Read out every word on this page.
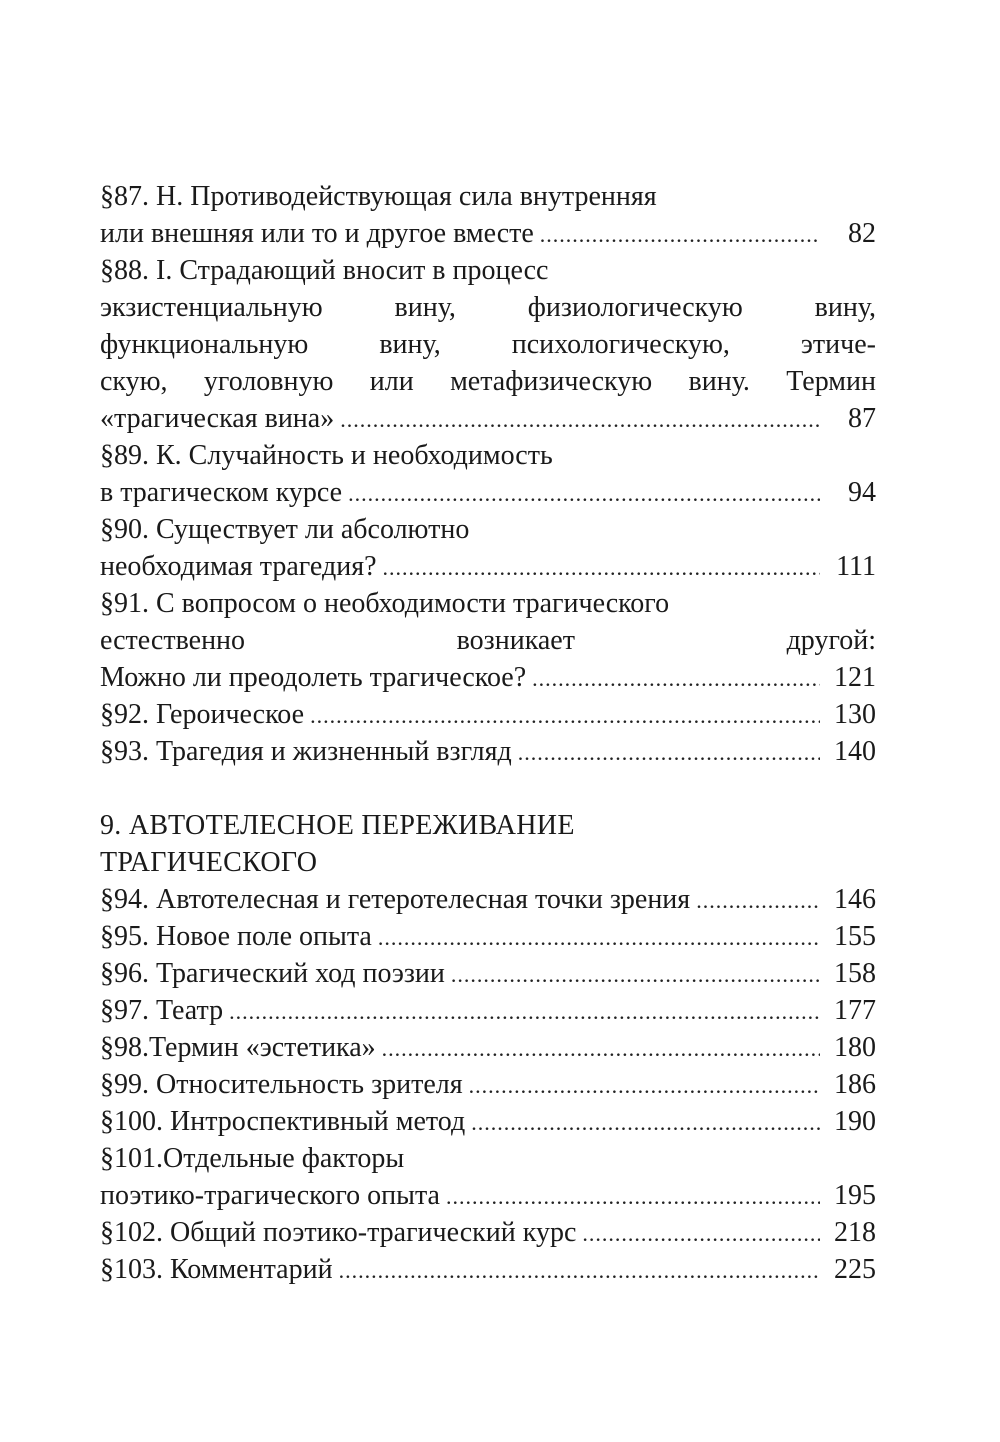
§87. Н. Противодействующая сила внутренняя
или внешняя или то и другое вместе .....	82
§88. I. Страдающий вносит в процесс
экзистенциальную вину, физиологическую вину,
функциональную вину, психологическую, этиче-
скую, уголовную или метафизическую вину. Термин
«трагическая вина» .....	87
§89. К. Случайность и необходимость
в трагическом курсе .....	94
§90. Существует ли абсолютно
необходимая трагедия? .....	111
§91. С вопросом о необходимости трагического
естественно возникает другой:
Можно ли преодолеть трагическое? .....	121
§92. Героическое .....	130
§93. Трагедия и жизненный взгляд .....	140
9. АВТОТЕЛЕСНОЕ ПЕРЕЖИВАНИЕ
ТРАГИЧЕСКОГО
§94. Автотелесная и гетеротелесная точки зрения .....	146
§95. Новое поле опыта .....	155
§96. Трагический ход поэзии .....	158
§97. Театр .....	177
§98.Термин «эстетика» .....	180
§99. Относительность зрителя .....	186
§100. Интроспективный метод .....	190
§101.Отдельные факторы
поэтико-трагического опыта .....	195
§102. Общий поэтико-трагический курс .....	218
§103. Комментарий .....	225
